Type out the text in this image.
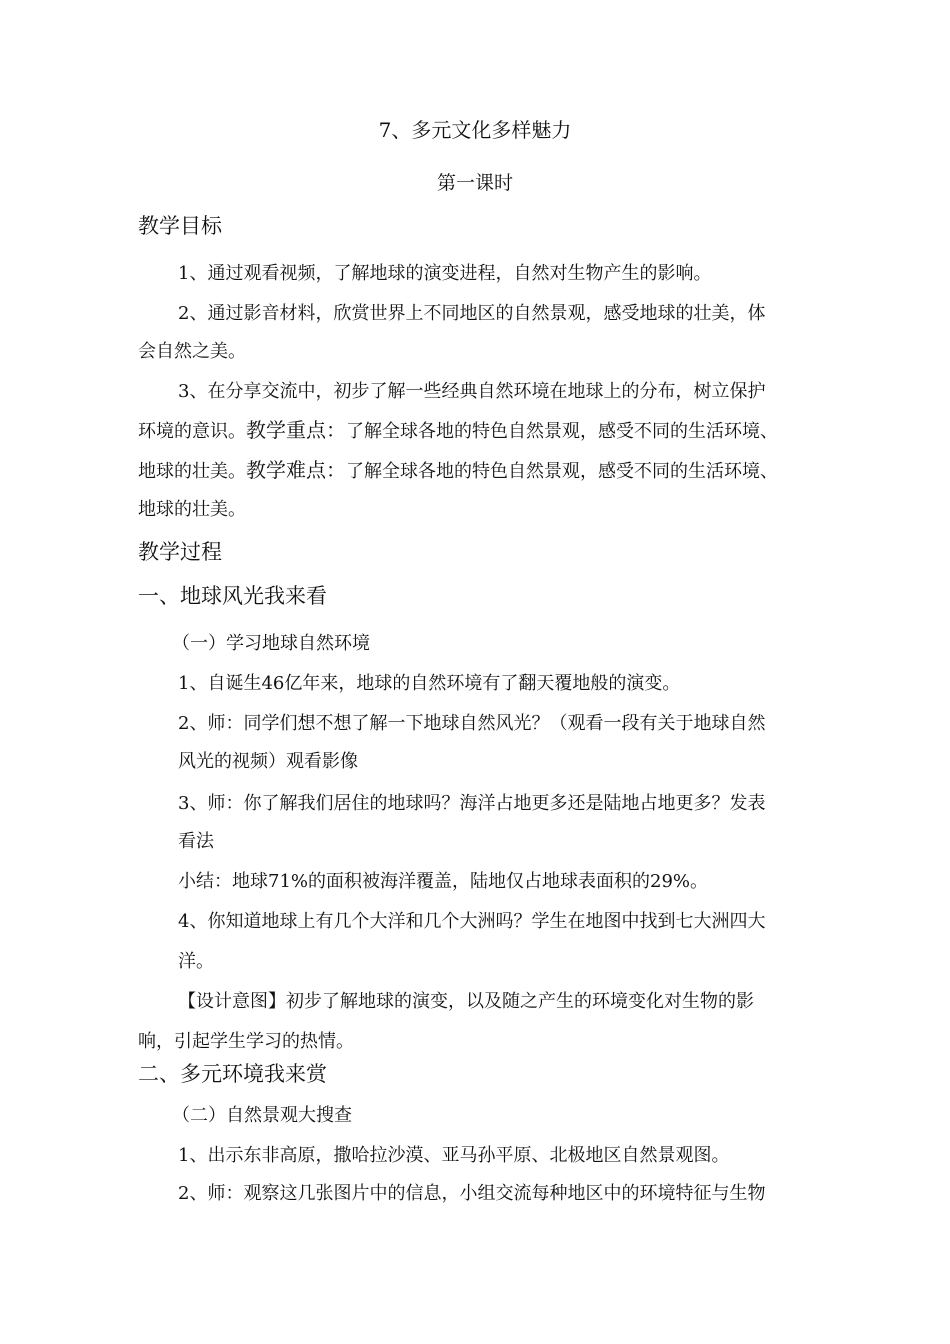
7、多元文化多样魅力
第一课时
教学目标
1、通过观看视频，了解地球的演变进程，自然对生物产生的影响。
2、通过影音材料，欣赏世界上不同地区的自然景观，感受地球的壮美，体
会自然之美。
3、在分享交流中，初步了解一些经典自然环境在地球上的分布，树立保护
环境的意识。教学重点：了解全球各地的特色自然景观，感受不同的生活环境、
地球的壮美。教学难点：了解全球各地的特色自然景观，感受不同的生活环境、
地球的壮美。
教学过程
一、地球风光我来看
（一）学习地球自然环境
1、自诞生46亿年来，地球的自然环境有了翻天覆地般的演变。
2、师：同学们想不想了解一下地球自然风光？（观看一段有关于地球自然
风光的视频）观看影像
3、师：你了解我们居住的地球吗？海洋占地更多还是陆地占地更多？发表
看法
小结：地球71%的面积被海洋覆盖，陆地仅占地球表面积的29%。
4、你知道地球上有几个大洋和几个大洲吗？学生在地图中找到七大洲四大
洋。
【设计意图】初步了解地球的演变，以及随之产生的环境变化对生物的影
响，引起学生学习的热情。
二、多元环境我来赏
（二）自然景观大搜查
1、出示东非高原，撒哈拉沙漠、亚马孙平原、北极地区自然景观图。
2、师：观察这几张图片中的信息，小组交流每种地区中的环境特征与生物
